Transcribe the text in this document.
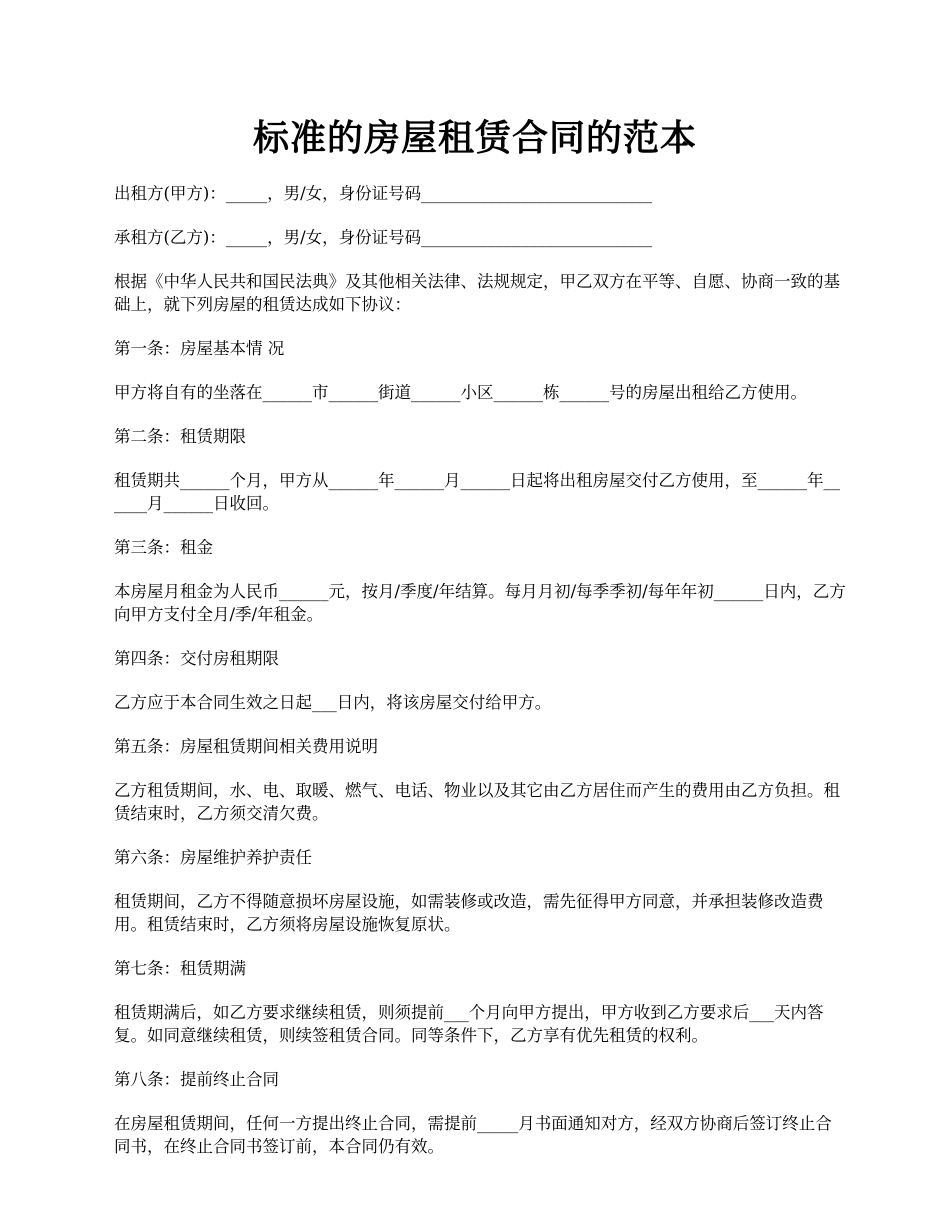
标准的房屋租赁合同的范本

出租方(甲方)：_____，男/女，身份证号码____________________________

承租方(乙方)：_____，男/女，身份证号码____________________________

根据《中华人民共和国民法典》及其他相关法律、法规规定，甲乙双方在平等、自愿、协商一致的基础上，就下列房屋的租赁达成如下协议：

第一条：房屋基本情 况

甲方将自有的坐落在______市______街道______小区______栋______号的房屋出租给乙方使用。

第二条：租赁期限

租赁期共______个月，甲方从______年______月______日起将出租房屋交付乙方使用，至______年______月______日收回。

第三条：租金

本房屋月租金为人民币______元，按月/季度/年结算。每月月初/每季季初/每年年初______日内，乙方向甲方支付全月/季/年租金。

第四条：交付房租期限

乙方应于本合同生效之日起___日内，将该房屋交付给甲方。

第五条：房屋租赁期间相关费用说明

乙方租赁期间，水、电、取暖、燃气、电话、物业以及其它由乙方居住而产生的费用由乙方负担。租赁结束时，乙方须交清欠费。

第六条：房屋维护养护责任

租赁期间，乙方不得随意损坏房屋设施，如需装修或改造，需先征得甲方同意，并承担装修改造费用。租赁结束时，乙方须将房屋设施恢复原状。

第七条：租赁期满

租赁期满后，如乙方要求继续租赁，则须提前___个月向甲方提出，甲方收到乙方要求后___天内答复。如同意继续租赁，则续签租赁合同。同等条件下，乙方享有优先租赁的权利。

第八条：提前终止合同

在房屋租赁期间，任何一方提出终止合同，需提前_____月书面通知对方，经双方协商后签订终止合同书，在终止合同书签订前，本合同仍有效。
